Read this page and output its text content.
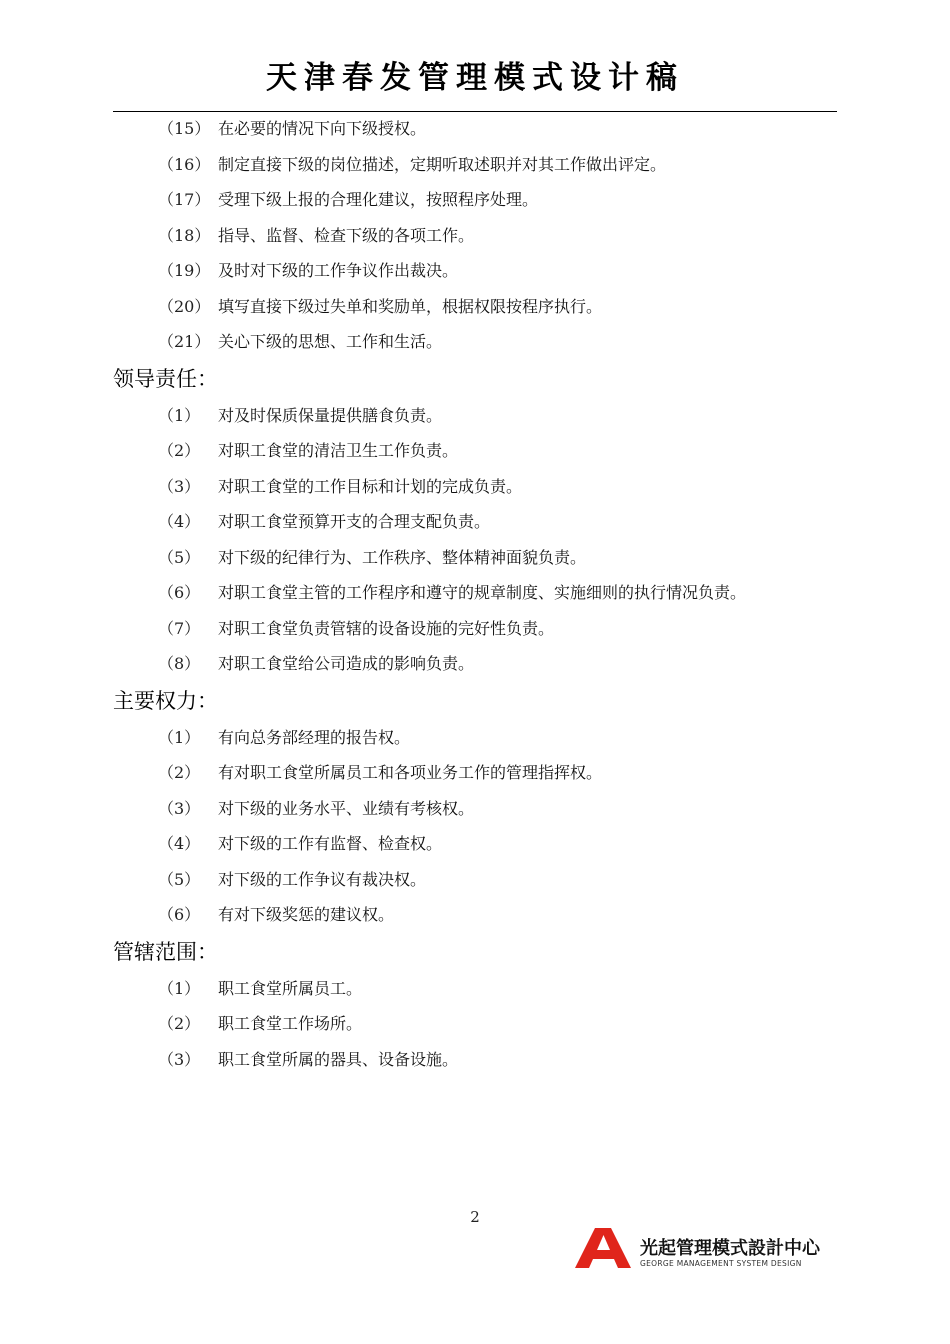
天津春发管理模式设计稿
（15） 在必要的情况下向下级授权。
（16） 制定直接下级的岗位描述，定期听取述职并对其工作做出评定。
（17） 受理下级上报的合理化建议，按照程序处理。
（18） 指导、监督、检查下级的各项工作。
（19） 及时对下级的工作争议作出裁决。
（20） 填写直接下级过失单和奖励单，根据权限按程序执行。
（21） 关心下级的思想、工作和生活。
领导责任：
（1） 对及时保质保量提供膳食负责。
（2） 对职工食堂的清洁卫生工作负责。
（3） 对职工食堂的工作目标和计划的完成负责。
（4） 对职工食堂预算开支的合理支配负责。
（5） 对下级的纪律行为、工作秩序、整体精神面貌负责。
（6） 对职工食堂主管的工作程序和遵守的规章制度、实施细则的执行情况负责。
（7） 对职工食堂负责管辖的设备设施的完好性负责。
（8） 对职工食堂给公司造成的影响负责。
主要权力：
（1） 有向总务部经理的报告权。
（2） 有对职工食堂所属员工和各项业务工作的管理指挥权。
（3） 对下级的业务水平、业绩有考核权。
（4） 对下级的工作有监督、检查权。
（5） 对下级的工作争议有裁决权。
（6） 有对下级奖惩的建议权。
管辖范围：
（1） 职工食堂所属员工。
（2） 职工食堂工作场所。
（3） 职工食堂所属的器具、设备设施。
2
光起管理模式設計中心
GEORGE MANAGEMENT SYSTEM DESIGN
